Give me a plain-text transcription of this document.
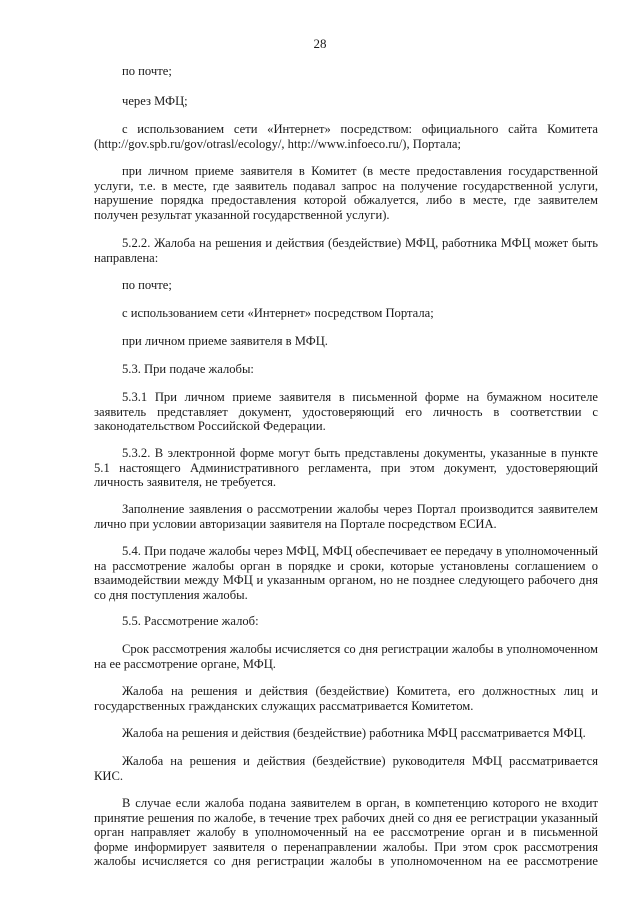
28

по почте;

через МФЦ;

с использованием сети «Интернет» посредством: официального сайта Комитета (http://gov.spb.ru/gov/otrasl/ecology/, http://www.infoeco.ru/), Портала;

при личном приеме заявителя в Комитет (в месте предоставления государственной услуги, т.е. в месте, где заявитель подавал запрос на получение государственной услуги, нарушение порядка предоставления которой обжалуется, либо в месте, где заявителем получен результат указанной государственной услуги).

5.2.2. Жалоба на решения и действия (бездействие) МФЦ, работника МФЦ может быть направлена:

по почте;

с использованием сети «Интернет» посредством Портала;

при личном приеме заявителя в МФЦ.

5.3. При подаче жалобы:

5.3.1 При личном приеме заявителя в письменной форме на бумажном носителе заявитель представляет документ, удостоверяющий его личность в соответствии с законодательством Российской Федерации.

5.3.2. В электронной форме могут быть представлены документы, указанные в пункте 5.1 настоящего Административного регламента, при этом документ, удостоверяющий личность заявителя, не требуется.

Заполнение заявления о рассмотрении жалобы через Портал производится заявителем лично при условии авторизации заявителя на Портале посредством ЕСИА.

5.4. При подаче жалобы через МФЦ, МФЦ обеспечивает ее передачу в уполномоченный на рассмотрение жалобы орган в порядке и сроки, которые установлены соглашением о взаимодействии между МФЦ и указанным органом, но не позднее следующего рабочего дня со дня поступления жалобы.

5.5. Рассмотрение жалоб:

Срок рассмотрения жалобы исчисляется со дня регистрации жалобы в уполномоченном на ее рассмотрение органе, МФЦ.

Жалоба на решения и действия (бездействие) Комитета, его должностных лиц и государственных гражданских служащих рассматривается Комитетом.

Жалоба на решения и действия (бездействие) работника МФЦ рассматривается МФЦ.

Жалоба на решения и действия (бездействие) руководителя МФЦ рассматривается КИС.

В случае если жалоба подана заявителем в орган, в компетенцию которого не входит принятие решения по жалобе, в течение трех рабочих дней со дня ее регистрации указанный орган направляет жалобу в уполномоченный на ее рассмотрение орган и в письменной форме информирует заявителя о перенаправлении жалобы. При этом срок рассмотрения жалобы исчисляется со дня регистрации жалобы в уполномоченном на ее рассмотрение
